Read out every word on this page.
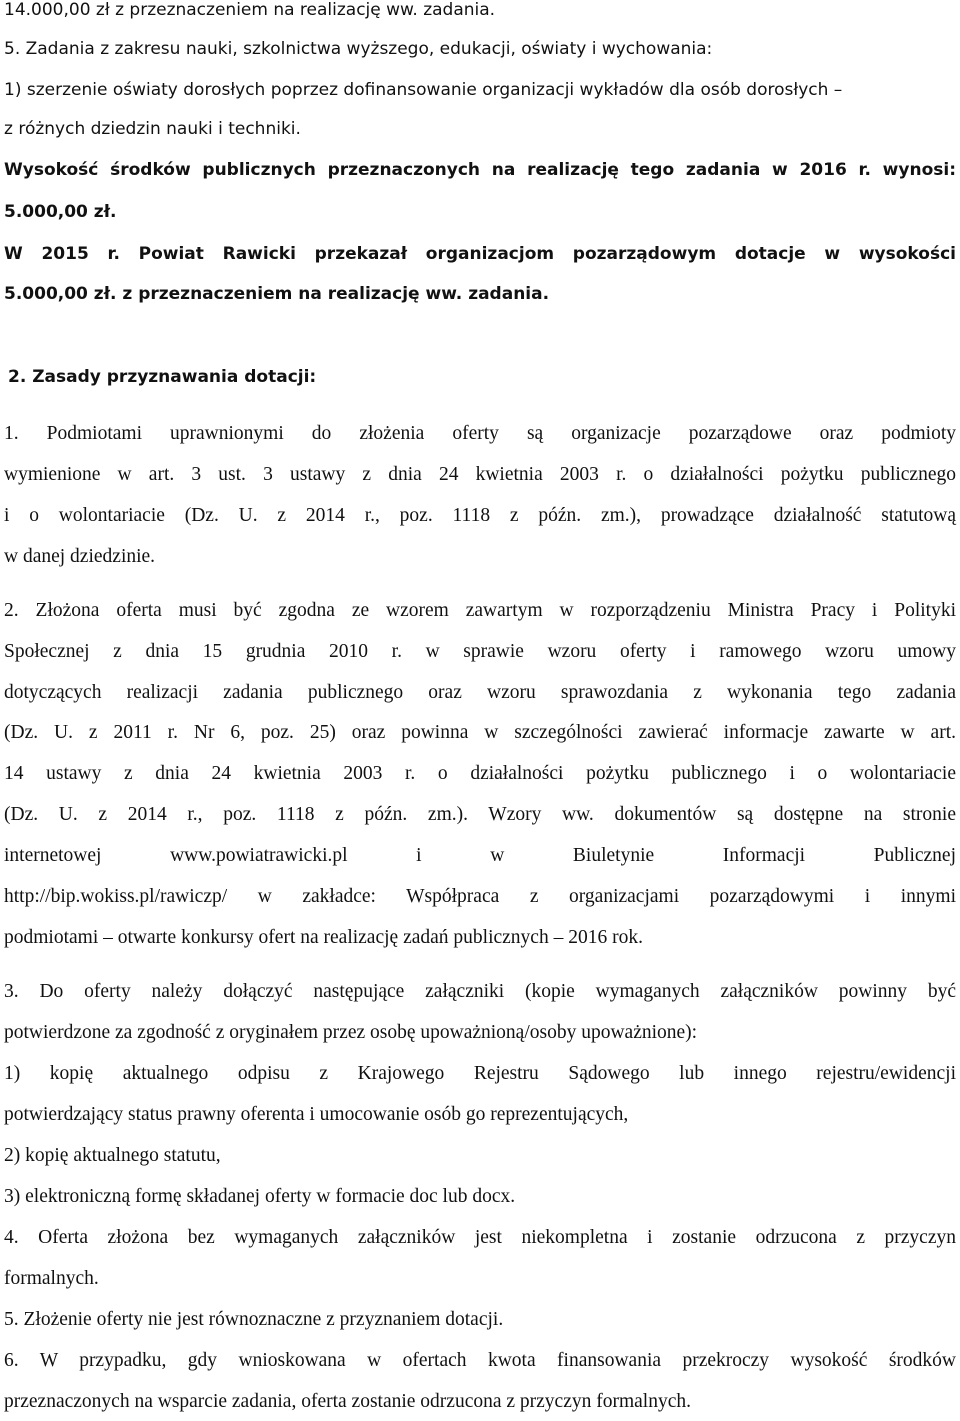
14.000,00 zł z przeznaczeniem na realizację ww. zadania.

5. Zadania z zakresu nauki, szkolnictwa wyższego, edukacji, oświaty i wychowania:

1) szerzenie oświaty dorosłych poprzez dofinansowanie organizacji wykładów dla osób dorosłych –

z różnych dziedzin nauki i techniki.

Wysokość środków publicznych przeznaczonych na realizację tego zadania w 2016 r. wynosi:

5.000,00 zł.

W 2015 r. Powiat Rawicki przekazał organizacjom pozarządowym dotacje w wysokości

5.000,00 zł. z przeznaczeniem na realizację ww. zadania.

2. Zasady przyznawania dotacji:

1. Podmiotami uprawnionymi do złożenia oferty są organizacje pozarządowe oraz podmioty

wymienione w art. 3 ust. 3 ustawy z dnia 24 kwietnia 2003 r. o działalności pożytku publicznego

i o wolontariacie (Dz. U. z 2014 r., poz. 1118 z późn. zm.), prowadzące działalność statutową

w danej dziedzinie.

2. Złożona oferta musi być zgodna ze wzorem zawartym w rozporządzeniu Ministra Pracy i Polityki

Społecznej z dnia 15 grudnia 2010 r. w sprawie wzoru oferty i ramowego wzoru umowy

dotyczących realizacji zadania publicznego oraz wzoru sprawozdania z wykonania tego zadania

(Dz. U. z 2011 r. Nr 6, poz. 25) oraz powinna w szczególności zawierać informacje zawarte w art.

14 ustawy z dnia 24 kwietnia 2003 r. o działalności pożytku publicznego i o wolontariacie

(Dz. U. z 2014 r., poz. 1118 z późn. zm.). Wzory ww. dokumentów są dostępne na stronie

internetowej www.powiatrawicki.pl i w Biuletynie Informacji Publicznej

http://bip.wokiss.pl/rawiczp/ w zakładce: Współpraca z organizacjami pozarządowymi i innymi

podmiotami – otwarte konkursy ofert na realizację zadań publicznych – 2016 rok.

3. Do oferty należy dołączyć następujące załączniki (kopie wymaganych załączników powinny być

potwierdzone za zgodność z oryginałem przez osobę upoważnioną/osoby upoważnione):

1) kopię aktualnego odpisu z Krajowego Rejestru Sądowego lub innego rejestru/ewidencji

potwierdzający status prawny oferenta i umocowanie osób go reprezentujących,

2) kopię aktualnego statutu,

3) elektroniczną formę składanej oferty w formacie doc lub docx.

4. Oferta złożona bez wymaganych załączników jest niekompletna i zostanie odrzucona z przyczyn

formalnych.

5. Złożenie oferty nie jest równoznaczne z przyznaniem dotacji.

6. W przypadku, gdy wnioskowana w ofertach kwota finansowania przekroczy wysokość środków

przeznaczonych na wsparcie zadania, oferta zostanie odrzucona z przyczyn formalnych.
